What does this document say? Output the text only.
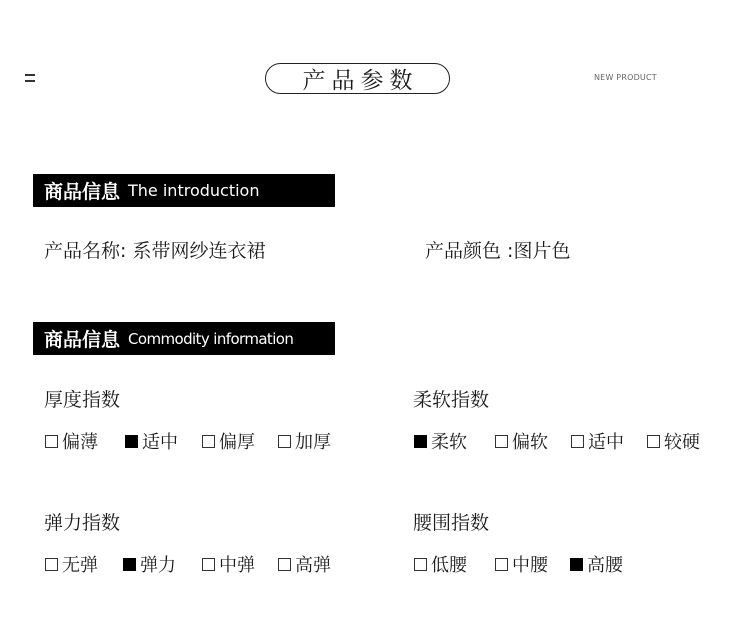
产品参数	NEW PRODUCT
商品信息 The introduction
产品名称: 系带网纱连衣裙	产品颜色 :图片色
商品信息 Commodity information
厚度指数
偏薄 适中 偏厚 加厚
柔软指数
柔软	偏软 适中 较硬
弹力指数
无弹 弹力 中弹 高弹
腰围指数
低腰	中腰 高腰
